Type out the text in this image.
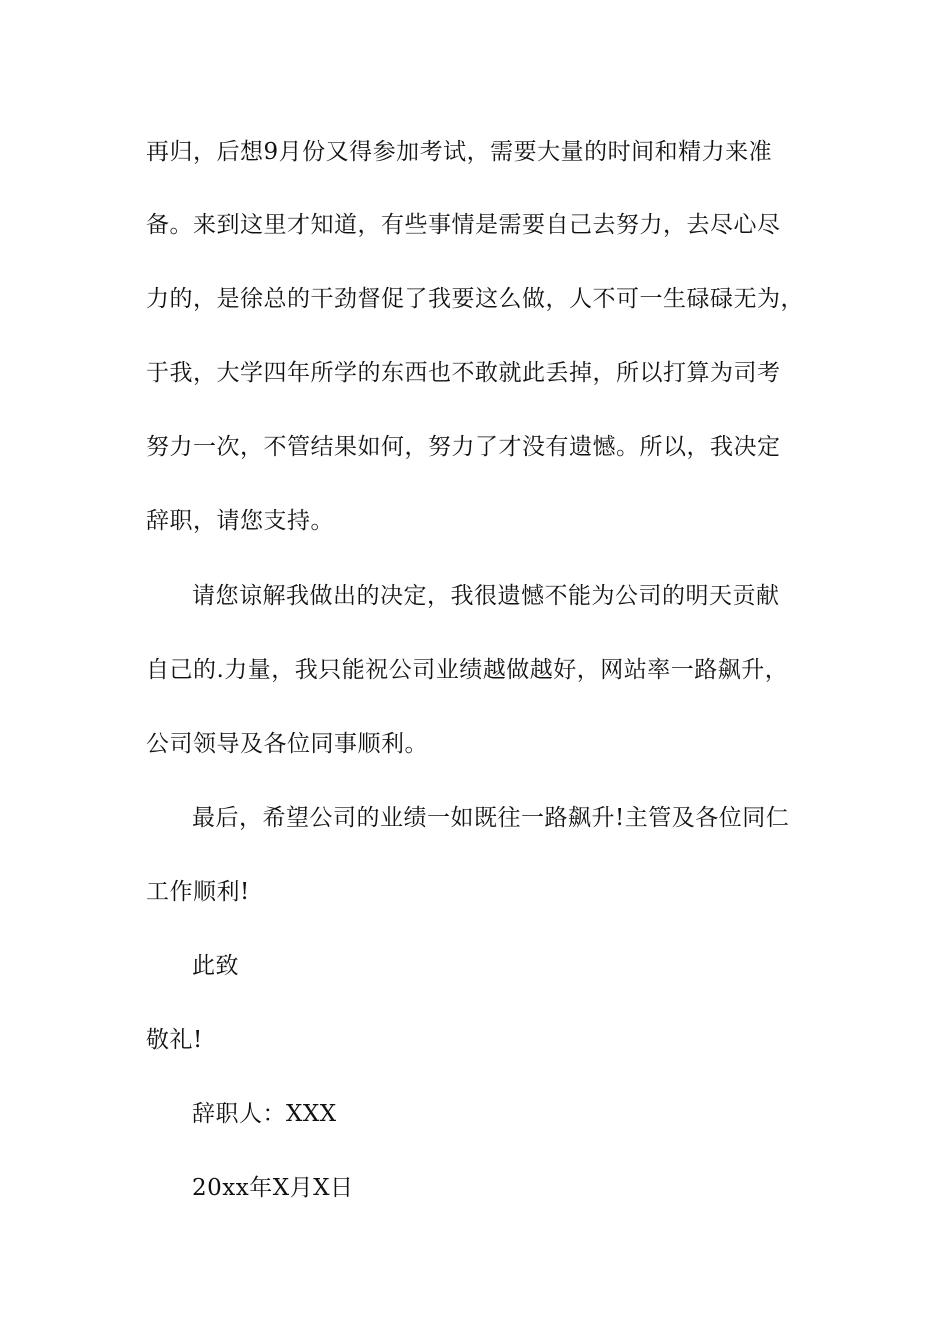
再归，后想9月份又得参加考试，需要大量的时间和精力来准
备。来到这里才知道，有些事情是需要自己去努力，去尽心尽
力的，是徐总的干劲督促了我要这么做，人不可一生碌碌无为，
于我，大学四年所学的东西也不敢就此丢掉，所以打算为司考
努力一次，不管结果如何，努力了才没有遗憾。所以，我决定
辞职，请您支持。
请您谅解我做出的决定，我很遗憾不能为公司的明天贡献
自己的.力量，我只能祝公司业绩越做越好，网站率一路飙升，
公司领导及各位同事顺利。
最后，希望公司的业绩一如既往一路飙升!主管及各位同仁
工作顺利!
此致
敬礼!
辞职人：XXX
20xx年X月X日
